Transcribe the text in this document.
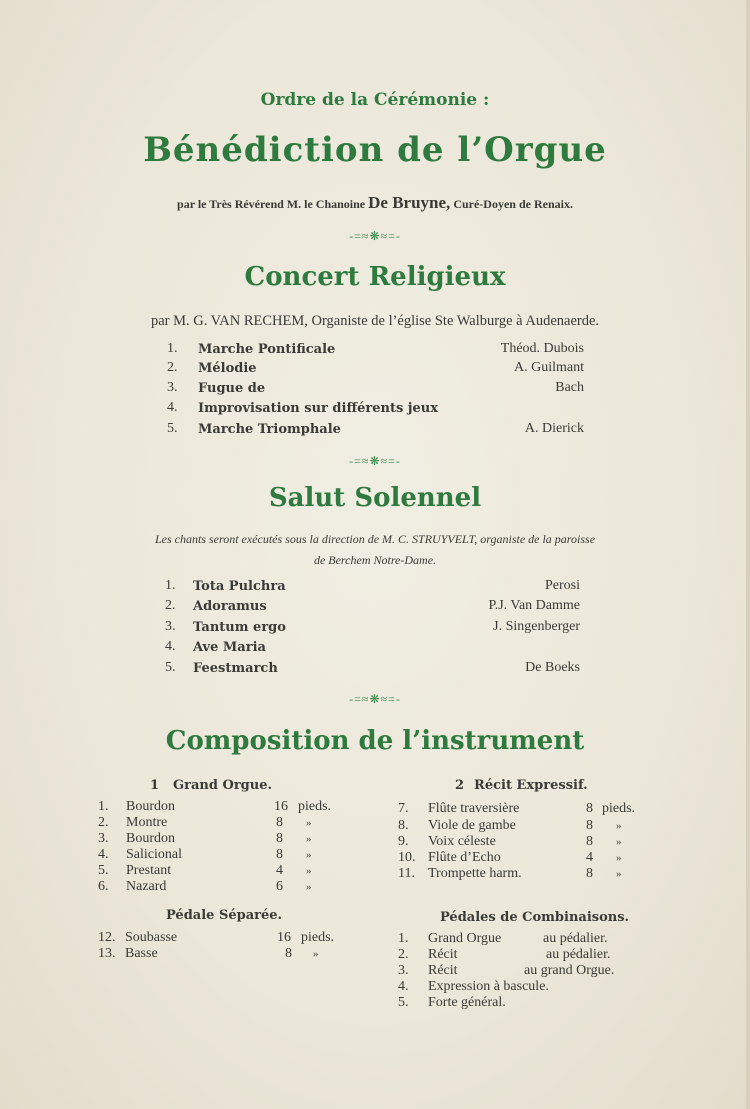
Ordre de la Cérémonie :
Bénédiction de l’Orgue
par le Très Révérend M. le Chanoine De Bruyne, Curé-Doyen de Renaix.
-=≈❋≈=-
Concert Religieux
par M. G. VAN RECHEM, Organiste de l’église Ste Walburge à Audenaerde.
1. Marche Pontificale	Théod. Dubois
2. Mélodie	A. Guilmant
3. Fugue de	Bach
4. Improvisation sur différents jeux
5. Marche Triomphale	A. Dierick
-=≈❋≈=-
Salut Solennel
Les chants seront exécutés sous la direction de M. C. STRUYVELT, organiste de la paroisse
de Berchem Notre-Dame.
1. Tota Pulchra	Perosi
2. Adoramus	P.J. Van Damme
3. Tantum ergo	J. Singenberger
4. Ave Maria
5. Feestmarch	De Boeks
-=≈❋≈=-
Composition de l’instrument
1 Grand Orgue.
1. Bourdon	16 pieds.
2. Montre	8 »
3. Bourdon	8 »
4. Salicional	8 »
5. Prestant	4 »
6. Nazard	6 »
2 Récit Expressif.
7. Flûte traversière	8 pieds.
8. Viole de gambe	8 »
9. Voix céleste	8 »
10. Flûte d’Echo	4 »
11. Trompette harm.	8 »
Pédale Séparée.
12. Soubasse	16 pieds.
13. Basse	8 »
Pédales de Combinaisons.
1. Grand Orgue	au pédalier.
2. Récit	au pédalier.
3. Récit	au grand Orgue.
4. Expression à bascule.
5. Forte général.
